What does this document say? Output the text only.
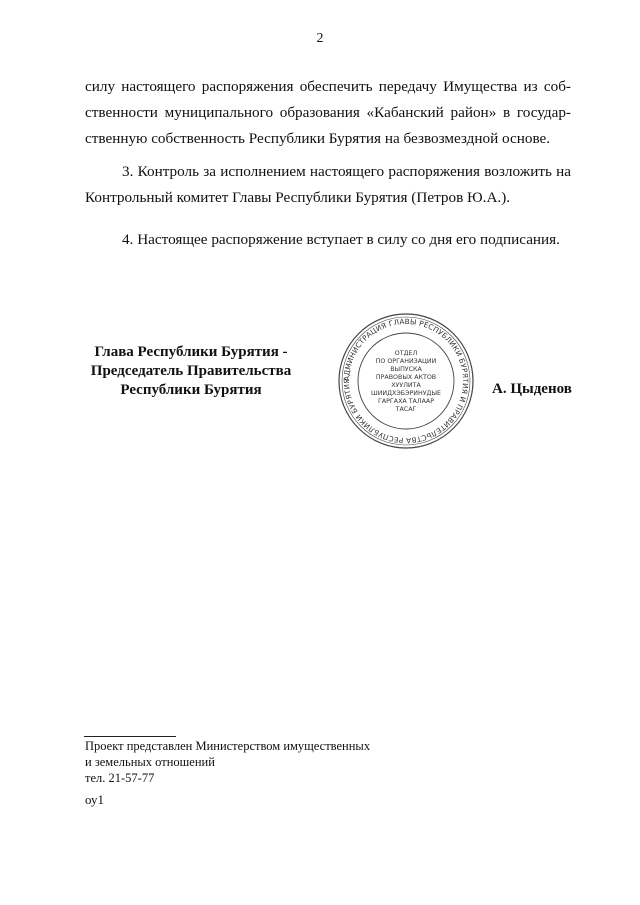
2
силу настоящего распоряжения обеспечить передачу Имущества из соб-
ственности муниципального образования «Кабанский район» в государ-
ственную собственность Республики Бурятия на безвозмездной основе.
3. Контроль за исполнением настоящего распоряжения возложить на
Контрольный комитет Главы Республики Бурятия (Петров Ю.А.).
4. Настоящее распоряжение вступает в силу со дня его подписания.
Глава Республики Бурятия -
Председатель Правительства
Республики Бурятия
АДМИНИСТРАЦИЯ ГЛАВЫ РЕСПУБЛИКИ БУРЯТИЯ И ПРАВИТЕЛЬСТВА РЕСПУБЛИКИ БУРЯТИЯ
ОТДЕЛ
ПО ОРГАНИЗАЦИИ
ВЫПУСКА
ПРАВОВЫХ АКТОВ
ХУУЛИТА
ШИИДХЭБЭРИНУДЫЕ
ГАРГАХА ТАЛААР
ТАСАГ
А. Цыденов
Проект представлен Министерством имущественных
и земельных отношений
тел. 21-57-77
оу1
